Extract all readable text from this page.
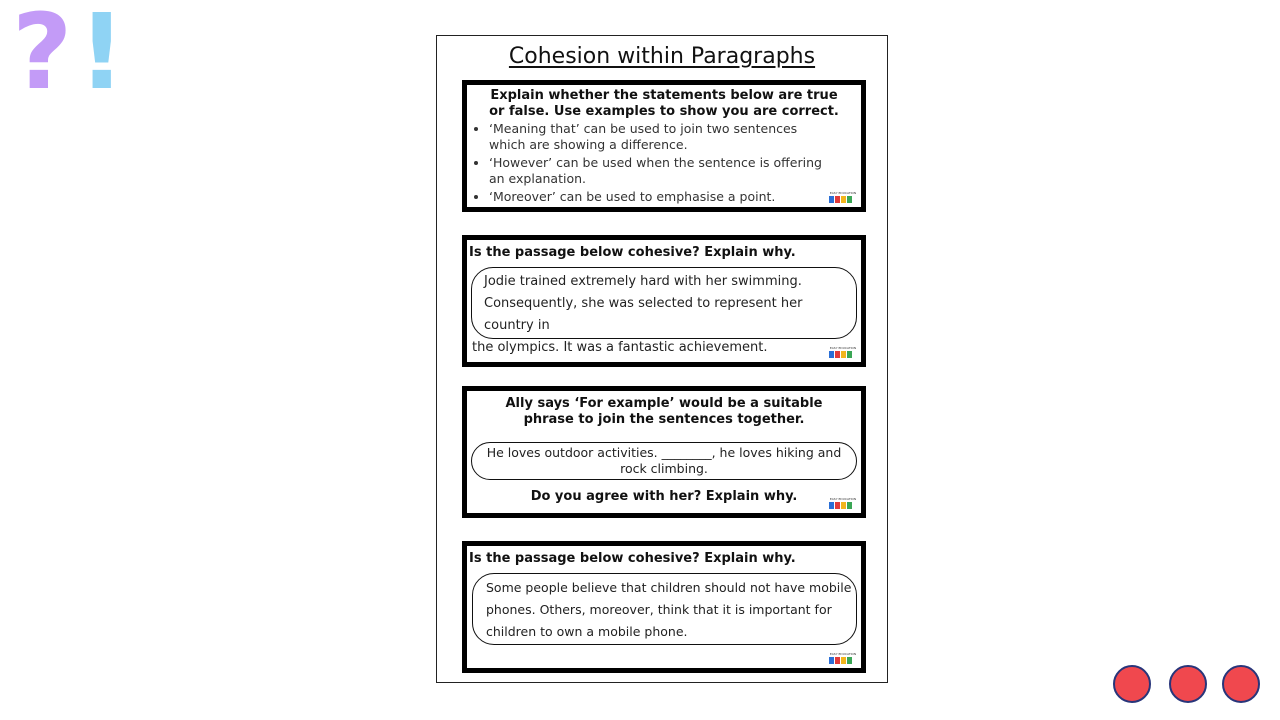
? !	Cohesion within Paragraphs
Explain whether the statements below are true or false. Use examples to show you are correct.
• ‘Meaning that’ can be used to join two sentences which are showing a difference.
• ‘However’ can be used when the sentence is offering an explanation.
• ‘Moreover’ can be used to emphasise a point.	EASY EDUCATION
Is the passage below cohesive? Explain why.
Jodie trained extremely hard with her swimming.
Consequently, she was selected to represent her country in
the olympics. It was a fantastic achievement.	EASY EDUCATION
Ally says ‘For example’ would be a suitable phrase to join the sentences together.
He loves outdoor activities. ________, he loves hiking and rock climbing.
Do you agree with her? Explain why.	EASY EDUCATION
Is the passage below cohesive? Explain why.
Some people believe that children should not have mobile
phones. Others, moreover, think that it is important for
children to own a mobile phone.
EASY EDUCATION
